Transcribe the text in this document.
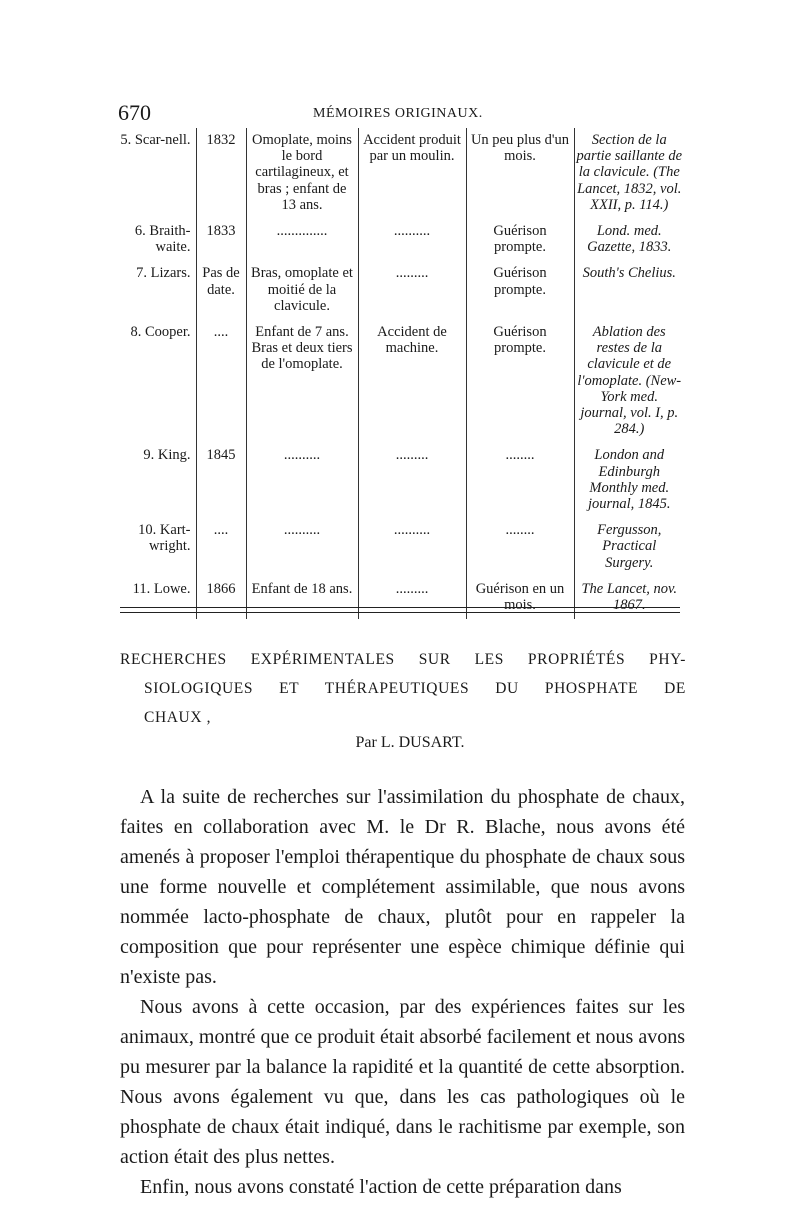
670	MÉMOIRES ORIGINAUX.
5. Scar-nell.	1832	Omoplate, moins le bord cartilagineux, et bras ; enfant de 13 ans.	Accident produit par un moulin.	Un peu plus d'un mois.	Section de la partie saillante de la clavicule. (The Lancet, 1832, vol. XXII, p. 114.)
6. Braith-waite.	1833	..............	..........	Guérison prompte.	Lond. med. Gazette, 1833.
7. Lizars.	Pas de date.	Bras, omoplate et moitié de la clavicule.	.........	Guérison prompte.	South's Chelius.
8. Cooper.	....	Enfant de 7 ans. Bras et deux tiers de l'omoplate.	Accident de machine.	Guérison prompte.	Ablation des restes de la clavicule et de l'omoplate. (New-York med. journal, vol. I, p. 284.)
9. King.	1845	..........	.........	........	London and Edinburgh Monthly med. journal, 1845.
10. Kart-wright.	....	..........	..........	........	Fergusson, Practical Surgery.
11. Lowe.	1866	Enfant de 18 ans.	.........	Guérison en un mois.	The Lancet, nov. 1867.
RECHERCHES EXPÉRIMENTALES SUR LES PROPRIÉTÉS PHY-
SIOLOGIQUES ET THÉRAPEUTIQUES DU PHOSPHATE DE
CHAUX ,
Par L. DUSART.

A la suite de recherches sur l'assimilation du phosphate de chaux, faites en collaboration avec M. le Dr R. Blache, nous avons été amenés à proposer l'emploi thérapentique du phosphate de chaux sous une forme nouvelle et complétement assimilable, que nous avons nommée lacto-phosphate de chaux, plutôt pour en rappeler la composition que pour représenter une espèce chimique définie qui n'existe pas.

Nous avons à cette occasion, par des expériences faites sur les animaux, montré que ce produit était absorbé facilement et nous avons pu mesurer par la balance la rapidité et la quantité de cette absorption. Nous avons également vu que, dans les cas pathologiques où le phosphate de chaux était indiqué, dans le rachitisme par exemple, son action était des plus nettes.

Enfin, nous avons constaté l'action de cette préparation dans
